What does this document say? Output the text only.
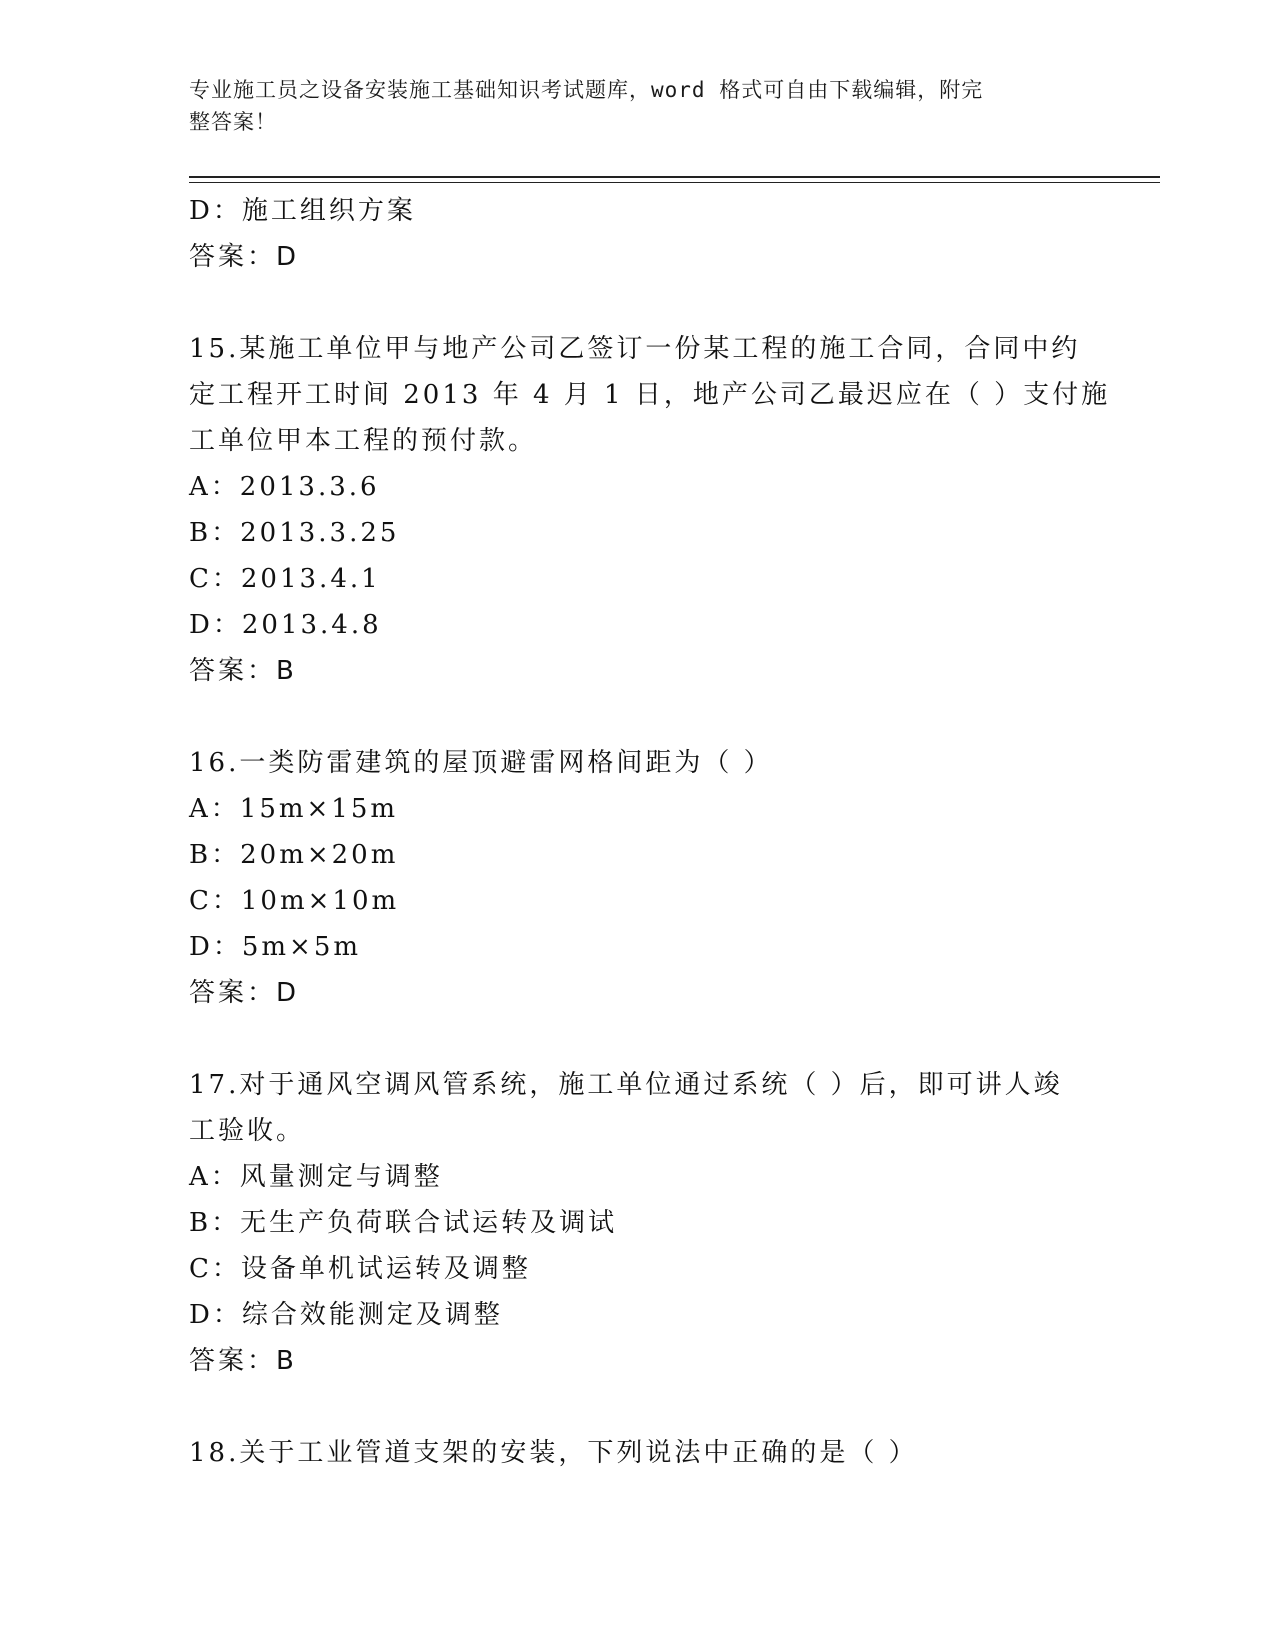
专业施工员之设备安装施工基础知识考试题库，word 格式可自由下载编辑，附完
整答案！
D：施工组织方案
答案：D
15.某施工单位甲与地产公司乙签订一份某工程的施工合同，合同中约
定工程开工时间 2013 年 4 月 1 日，地产公司乙最迟应在（ ）支付施
工单位甲本工程的预付款。
A：2013.3.6
B：2013.3.25
C：2013.4.1
D：2013.4.8
答案：B
16.一类防雷建筑的屋顶避雷网格间距为（ ）
A：15m×15m
B：20m×20m
C：10m×10m
D：5m×5m
答案：D
17.对于通风空调风管系统，施工单位通过系统（ ）后，即可讲人竣
工验收。
A：风量测定与调整
B：无生产负荷联合试运转及调试
C：设备单机试运转及调整
D：综合效能测定及调整
答案：B
18.关于工业管道支架的安装，下列说法中正确的是（ ）
